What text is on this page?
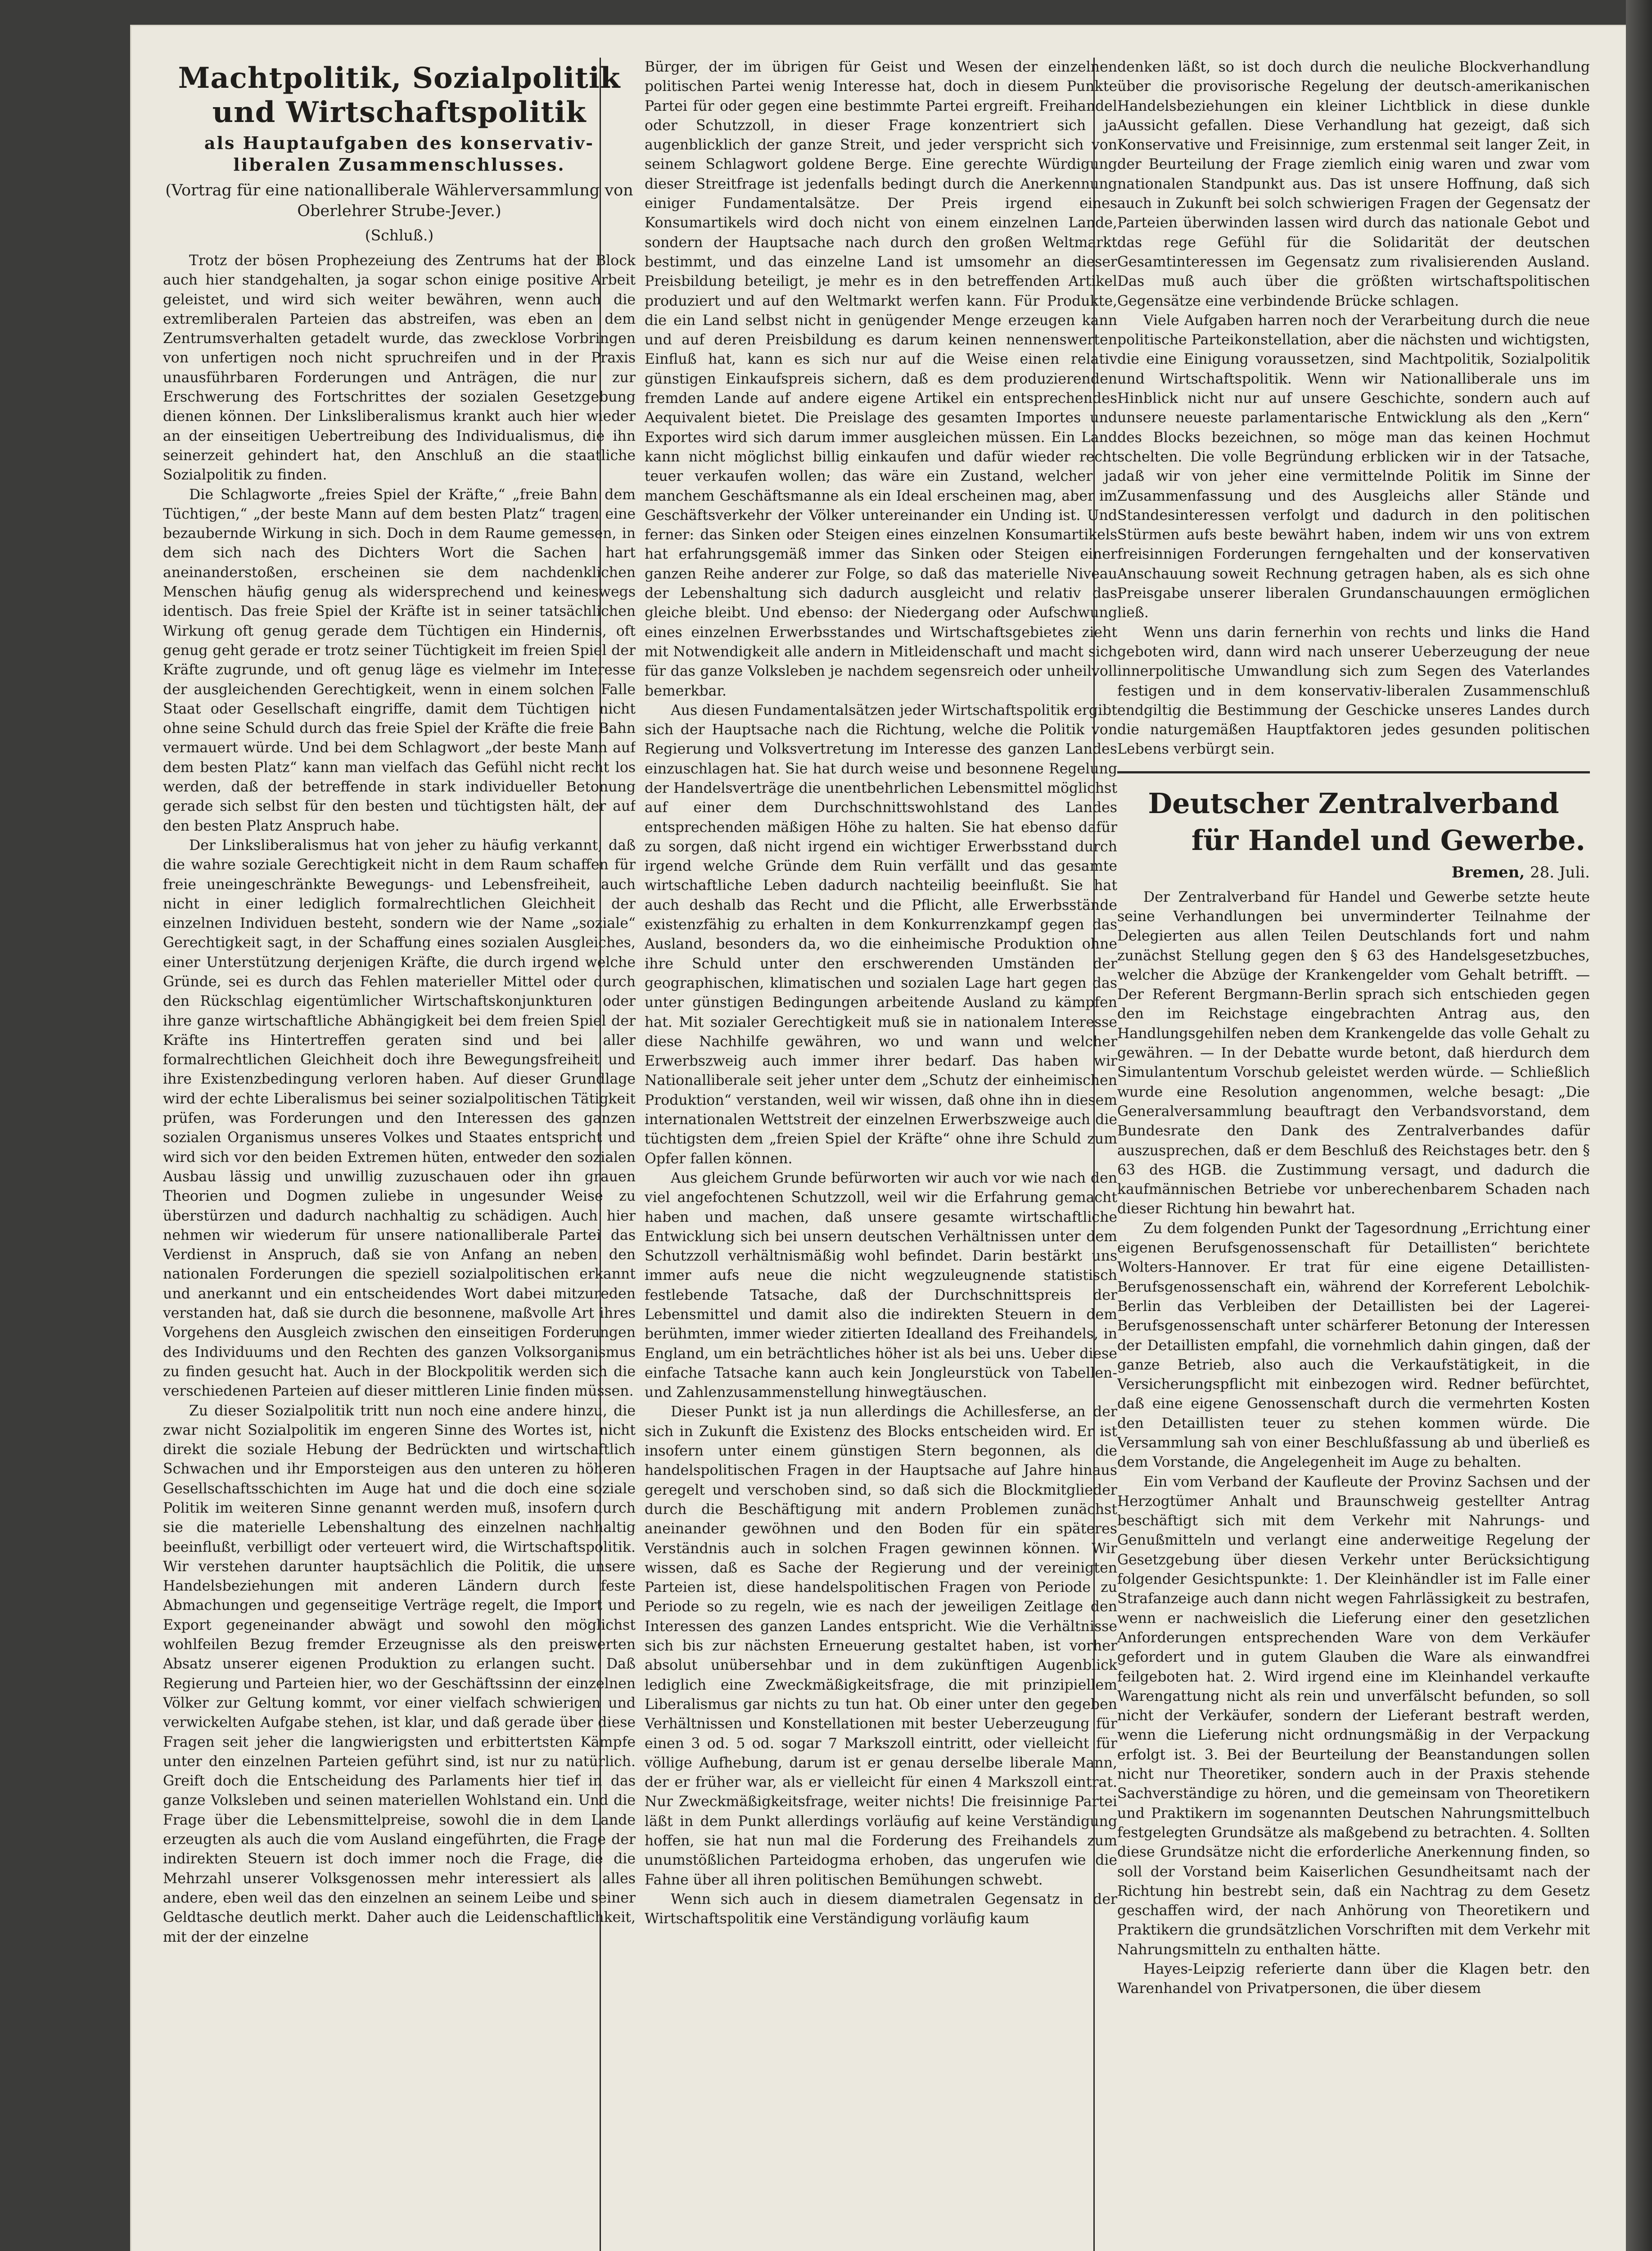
Machtpolitik, Sozialpolitik und Wirtschaftspolitik
als Hauptaufgaben des konservativ-liberalen Zusammenschlusses.
(Vortrag für eine nationalliberale Wählerversammlung von Oberlehrer Strube-Jever.)
(Schluß.)

Trotz der bösen Prophezeiung des Zentrums hat der Block auch hier standgehalten, ja sogar schon einige positive Arbeit geleistet, und wird sich weiter bewähren, wenn auch die extremliberalen Parteien das abstreifen, was eben an dem Zentrumsverhalten getadelt wurde, das zwecklose Vorbringen von unfertigen noch nicht spruchreifen und in der Praxis unausführbaren Forderungen und Anträgen, die nur zur Erschwerung des Fortschrittes der sozialen Gesetzgebung dienen können. Der Linksliberalismus krankt auch hier wieder an der einseitigen Uebertreibung des Individualismus, die ihn seinerzeit gehindert hat, den Anschluß an die staatliche Sozialpolitik zu finden.

Die Schlagworte „freies Spiel der Kräfte,“ „freie Bahn dem Tüchtigen,“ „der beste Mann auf dem besten Platz“ tragen eine bezaubernde Wirkung in sich. Doch in dem Raume gemessen, in dem sich nach des Dichters Wort die Sachen hart aneinanderstoßen, erscheinen sie dem nachdenklichen Menschen häufig genug als widersprechend und keineswegs identisch. Das freie Spiel der Kräfte ist in seiner tatsächlichen Wirkung oft genug gerade dem Tüchtigen ein Hindernis, oft genug geht gerade er trotz seiner Tüchtigkeit im freien Spiel der Kräfte zugrunde, und oft genug läge es vielmehr im Interesse der ausgleichenden Gerechtigkeit, wenn in einem solchen Falle Staat oder Gesellschaft eingriffe, damit dem Tüchtigen nicht ohne seine Schuld durch das freie Spiel der Kräfte die freie Bahn vermauert würde. Und bei dem Schlagwort „der beste Mann auf dem besten Platz“ kann man vielfach das Gefühl nicht recht los werden, daß der betreffende in stark individueller Betonung gerade sich selbst für den besten und tüchtigsten hält, der auf den besten Platz Anspruch habe.

Der Linksliberalismus hat von jeher zu häufig verkannt, daß die wahre soziale Gerechtigkeit nicht in dem Raum schaffen für freie uneingeschränkte Bewegungs- und Lebensfreiheit, auch nicht in einer lediglich formalrechtlichen Gleichheit der einzelnen Individuen besteht, sondern wie der Name „soziale“ Gerechtigkeit sagt, in der Schaffung eines sozialen Ausgleiches, einer Unterstützung derjenigen Kräfte, die durch irgend welche Gründe, sei es durch das Fehlen materieller Mittel oder durch den Rückschlag eigentümlicher Wirtschaftskonjunkturen oder ihre ganze wirtschaftliche Abhängigkeit bei dem freien Spiel der Kräfte ins Hintertreffen geraten sind und bei aller formalrechtlichen Gleichheit doch ihre Bewegungsfreiheit und ihre Existenzbedingung verloren haben. Auf dieser Grundlage wird der echte Liberalismus bei seiner sozialpolitischen Tätigkeit prüfen, was Forderungen und den Interessen des ganzen sozialen Organismus unseres Volkes und Staates entspricht und wird sich vor den beiden Extremen hüten, entweder den sozialen Ausbau lässig und unwillig zuzuschauen oder ihn grauen Theorien und Dogmen zuliebe in ungesunder Weise zu überstürzen und dadurch nachhaltig zu schädigen. Auch hier nehmen wir wiederum für unsere nationalliberale Partei das Verdienst in Anspruch, daß sie von Anfang an neben den nationalen Forderungen die speziell sozialpolitischen erkannt und anerkannt und ein entscheidendes Wort dabei mitzureden verstanden hat, daß sie durch die besonnene, maßvolle Art ihres Vorgehens den Ausgleich zwischen den einseitigen Forderungen des Individuums und den Rechten des ganzen Volksorganismus zu finden gesucht hat. Auch in der Blockpolitik werden sich die verschiedenen Parteien auf dieser mittleren Linie finden müssen.

Zu dieser Sozialpolitik tritt nun noch eine andere hinzu, die zwar nicht Sozialpolitik im engeren Sinne des Wortes ist, nicht direkt die soziale Hebung der Bedrückten und wirtschaftlich Schwachen und ihr Emporsteigen aus den unteren zu höheren Gesellschaftsschichten im Auge hat und die doch eine soziale Politik im weiteren Sinne genannt werden muß, insofern durch sie die materielle Lebenshaltung des einzelnen nachhaltig beeinflußt, verbilligt oder verteuert wird, die Wirtschaftspolitik. Wir verstehen darunter hauptsächlich die Politik, die unsere Handelsbeziehungen mit anderen Ländern durch feste Abmachungen und gegenseitige Verträge regelt, die Import und Export gegeneinander abwägt und sowohl den möglichst wohlfeilen Bezug fremder Erzeugnisse als den preiswerten Absatz unserer eigenen Produktion zu erlangen sucht. Daß Regierung und Parteien hier, wo der Geschäftssinn der einzelnen Völker zur Geltung kommt, vor einer vielfach schwierigen und verwickelten Aufgabe stehen, ist klar, und daß gerade über diese Fragen seit jeher die langwierigsten und erbittertsten Kämpfe unter den einzelnen Parteien geführt sind, ist nur zu natürlich. Greift doch die Entscheidung des Parlaments hier tief in das ganze Volksleben und seinen materiellen Wohlstand ein. Und die Frage über die Lebensmittelpreise, sowohl die in dem Lande erzeugten als auch die vom Ausland eingeführten, die Frage der indirekten Steuern ist doch immer noch die Frage, die die Mehrzahl unserer Volksgenossen mehr interessiert als alles andere, eben weil das den einzelnen an seinem Leibe und seiner Geldtasche deutlich merkt. Daher auch die Leidenschaftlichkeit, mit der der einzelne

Bürger, der im übrigen für Geist und Wesen der einzelnen politischen Partei wenig Interesse hat, doch in diesem Punkte Partei für oder gegen eine bestimmte Partei ergreift. Freihandel oder Schutzzoll, in dieser Frage konzentriert sich ja augenblicklich der ganze Streit, und jeder verspricht sich von seinem Schlagwort goldene Berge. Eine gerechte Würdigung dieser Streitfrage ist jedenfalls bedingt durch die Anerkennung einiger Fundamentalsätze. Der Preis irgend eines Konsumartikels wird doch nicht von einem einzelnen Lande, sondern der Hauptsache nach durch den großen Weltmarkt bestimmt, und das einzelne Land ist umsomehr an dieser Preisbildung beteiligt, je mehr es in den betreffenden Artikel produziert und auf den Weltmarkt werfen kann. Für Produkte, die ein Land selbst nicht in genügender Menge erzeugen kann und auf deren Preisbildung es darum keinen nennenswerten Einfluß hat, kann es sich nur auf die Weise einen relativ günstigen Einkaufspreis sichern, daß es dem produzierenden fremden Lande auf andere eigene Artikel ein entsprechendes Aequivalent bietet. Die Preislage des gesamten Importes und Exportes wird sich darum immer ausgleichen müssen. Ein Land kann nicht möglichst billig einkaufen und dafür wieder recht teuer verkaufen wollen; das wäre ein Zustand, welcher ja manchem Geschäftsmanne als ein Ideal erscheinen mag, aber im Geschäftsverkehr der Völker untereinander ein Unding ist. Und ferner: das Sinken oder Steigen eines einzelnen Konsumartikels hat erfahrungsgemäß immer das Sinken oder Steigen einer ganzen Reihe anderer zur Folge, so daß das materielle Niveau der Lebenshaltung sich dadurch ausgleicht und relativ das gleiche bleibt. Und ebenso: der Niedergang oder Aufschwung eines einzelnen Erwerbsstandes und Wirtschaftsgebietes zieht mit Notwendigkeit alle andern in Mitleidenschaft und macht sich für das ganze Volksleben je nachdem segensreich oder unheilvoll bemerkbar.

Aus diesen Fundamentalsätzen jeder Wirtschaftspolitik ergibt sich der Hauptsache nach die Richtung, welche die Politik von Regierung und Volksvertretung im Interesse des ganzen Landes einzuschlagen hat. Sie hat durch weise und besonnene Regelung der Handelsverträge die unentbehrlichen Lebensmittel möglichst auf einer dem Durchschnittswohlstand des Landes entsprechenden mäßigen Höhe zu halten. Sie hat ebenso dafür zu sorgen, daß nicht irgend ein wichtiger Erwerbsstand durch irgend welche Gründe dem Ruin verfällt und das gesamte wirtschaftliche Leben dadurch nachteilig beeinflußt. Sie hat auch deshalb das Recht und die Pflicht, alle Erwerbsstände existenzfähig zu erhalten in dem Konkurrenzkampf gegen das Ausland, besonders da, wo die einheimische Produktion ohne ihre Schuld unter den erschwerenden Umständen der geographischen, klimatischen und sozialen Lage hart gegen das unter günstigen Bedingungen arbeitende Ausland zu kämpfen hat. Mit sozialer Gerechtigkeit muß sie in nationalem Interesse diese Nachhilfe gewähren, wo und wann und welcher Erwerbszweig auch immer ihrer bedarf. Das haben wir Nationalliberale seit jeher unter dem „Schutz der einheimischen Produktion“ verstanden, weil wir wissen, daß ohne ihn in diesem internationalen Wettstreit der einzelnen Erwerbszweige auch die tüchtigsten dem „freien Spiel der Kräfte“ ohne ihre Schuld zum Opfer fallen können.

Aus gleichem Grunde befürworten wir auch vor wie nach den viel angefochtenen Schutzzoll, weil wir die Erfahrung gemacht haben und machen, daß unsere gesamte wirtschaftliche Entwicklung sich bei unsern deutschen Verhältnissen unter dem Schutzzoll verhältnismäßig wohl befindet. Darin bestärkt uns immer aufs neue die nicht wegzuleugnende statistisch festlebende Tatsache, daß der Durchschnittspreis der Lebensmittel und damit also die indirekten Steuern in dem berühmten, immer wieder zitierten Idealland des Freihandels, in England, um ein beträchtliches höher ist als bei uns. Ueber diese einfache Tatsache kann auch kein Jongleurstück von Tabellen- und Zahlenzusammenstellung hinwegtäuschen.

Dieser Punkt ist ja nun allerdings die Achillesferse, an der sich in Zukunft die Existenz des Blocks entscheiden wird. Er ist insofern unter einem günstigen Stern begonnen, als die handelspolitischen Fragen in der Hauptsache auf Jahre hinaus geregelt und verschoben sind, so daß sich die Blockmitglieder durch die Beschäftigung mit andern Problemen zunächst aneinander gewöhnen und den Boden für ein späteres Verständnis auch in solchen Fragen gewinnen können. Wir wissen, daß es Sache der Regierung und der vereinigten Parteien ist, diese handelspolitischen Fragen von Periode zu Periode so zu regeln, wie es nach der jeweiligen Zeitlage den Interessen des ganzen Landes entspricht. Wie die Verhältnisse sich bis zur nächsten Erneuerung gestaltet haben, ist vorher absolut unübersehbar und in dem zukünftigen Augenblick lediglich eine Zweckmäßigkeitsfrage, die mit prinzipiellem Liberalismus gar nichts zu tun hat. Ob einer unter den gegeben Verhältnissen und Konstellationen mit bester Ueberzeugung für einen 3 od. 5 od. sogar 7 Markszoll eintritt, oder vielleicht für völlige Aufhebung, darum ist er genau derselbe liberale Mann, der er früher war, als er vielleicht für einen 4 Markszoll eintrat. Nur Zweckmäßigkeitsfrage, weiter nichts! Die freisinnige Partei läßt in dem Punkt allerdings vorläufig auf keine Verständigung hoffen, sie hat nun mal die Forderung des Freihandels zum unumstößlichen Parteidogma erhoben, das ungerufen wie die Fahne über all ihren politischen Bemühungen schwebt.

Wenn sich auch in diesem diametralen Gegensatz in der Wirtschaftspolitik eine Verständigung vorläufig kaum

denken läßt, so ist doch durch die neuliche Blockverhandlung über die provisorische Regelung der deutsch-amerikanischen Handelsbeziehungen ein kleiner Lichtblick in diese dunkle Aussicht gefallen. Diese Verhandlung hat gezeigt, daß sich Konservative und Freisinnige, zum erstenmal seit langer Zeit, in der Beurteilung der Frage ziemlich einig waren und zwar vom nationalen Standpunkt aus. Das ist unsere Hoffnung, daß sich auch in Zukunft bei solch schwierigen Fragen der Gegensatz der Parteien überwinden lassen wird durch das nationale Gebot und das rege Gefühl für die Solidarität der deutschen Gesamtinteressen im Gegensatz zum rivalisierenden Ausland. Das muß auch über die größten wirtschaftspolitischen Gegensätze eine verbindende Brücke schlagen.

Viele Aufgaben harren noch der Verarbeitung durch die neue politische Parteikonstellation, aber die nächsten und wichtigsten, die eine Einigung voraussetzen, sind Machtpolitik, Sozialpolitik und Wirtschaftspolitik. Wenn wir Nationalliberale uns im Hinblick nicht nur auf unsere Geschichte, sondern auch auf unsere neueste parlamentarische Entwicklung als den „Kern“ des Blocks bezeichnen, so möge man das keinen Hochmut schelten. Die volle Begründung erblicken wir in der Tatsache, daß wir von jeher eine vermittelnde Politik im Sinne der Zusammenfassung und des Ausgleichs aller Stände und Standesinteressen verfolgt und dadurch in den politischen Stürmen aufs beste bewährt haben, indem wir uns von extrem freisinnigen Forderungen ferngehalten und der konservativen Anschauung soweit Rechnung getragen haben, als es sich ohne Preisgabe unserer liberalen Grundanschauungen ermöglichen ließ.

Wenn uns darin fernerhin von rechts und links die Hand geboten wird, dann wird nach unserer Ueberzeugung der neue innerpolitische Umwandlung sich zum Segen des Vaterlandes festigen und in dem konservativ-liberalen Zusammenschluß endgiltig die Bestimmung der Geschicke unseres Landes durch die naturgemäßen Hauptfaktoren jedes gesunden politischen Lebens verbürgt sein.

Deutscher Zentralverband
für Handel und Gewerbe.
Bremen, 28. Juli.

Der Zentralverband für Handel und Gewerbe setzte heute seine Verhandlungen bei unverminderter Teilnahme der Delegierten aus allen Teilen Deutschlands fort und nahm zunächst Stellung gegen den § 63 des Handelsgesetzbuches, welcher die Abzüge der Krankengelder vom Gehalt betrifft. — Der Referent Bergmann-Berlin sprach sich entschieden gegen den im Reichstage eingebrachten Antrag aus, den Handlungsgehilfen neben dem Krankengelde das volle Gehalt zu gewähren. — In der Debatte wurde betont, daß hierdurch dem Simulantentum Vorschub geleistet werden würde. — Schließlich wurde eine Resolution angenommen, welche besagt: „Die Generalversammlung beauftragt den Verbandsvorstand, dem Bundesrate den Dank des Zentralverbandes dafür auszusprechen, daß er dem Beschluß des Reichstages betr. den § 63 des HGB. die Zustimmung versagt, und dadurch die kaufmännischen Betriebe vor unberechenbarem Schaden nach dieser Richtung hin bewahrt hat.

Zu dem folgenden Punkt der Tagesordnung „Errichtung einer eigenen Berufsgenossenschaft für Detaillisten“ berichtete Wolters-Hannover. Er trat für eine eigene Detaillisten-Berufsgenossenschaft ein, während der Korreferent Lebolchik-Berlin das Verbleiben der Detaillisten bei der Lagerei-Berufsgenossenschaft unter schärferer Betonung der Interessen der Detaillisten empfahl, die vornehmlich dahin gingen, daß der ganze Betrieb, also auch die Verkaufstätigkeit, in die Versicherungspflicht mit einbezogen wird. Redner befürchtet, daß eine eigene Genossenschaft durch die vermehrten Kosten den Detaillisten teuer zu stehen kommen würde. Die Versammlung sah von einer Beschlußfassung ab und überließ es dem Vorstande, die Angelegenheit im Auge zu behalten.

Ein vom Verband der Kaufleute der Provinz Sachsen und der Herzogtümer Anhalt und Braunschweig gestellter Antrag beschäftigt sich mit dem Verkehr mit Nahrungs- und Genußmitteln und verlangt eine anderweitige Regelung der Gesetzgebung über diesen Verkehr unter Berücksichtigung folgender Gesichtspunkte: 1. Der Kleinhändler ist im Falle einer Strafanzeige auch dann nicht wegen Fahrlässigkeit zu bestrafen, wenn er nachweislich die Lieferung einer den gesetzlichen Anforderungen entsprechenden Ware von dem Verkäufer gefordert und in gutem Glauben die Ware als einwandfrei feilgeboten hat. 2. Wird irgend eine im Kleinhandel verkaufte Warengattung nicht als rein und unverfälscht befunden, so soll nicht der Verkäufer, sondern der Lieferant bestraft werden, wenn die Lieferung nicht ordnungsmäßig in der Verpackung erfolgt ist. 3. Bei der Beurteilung der Beanstandungen sollen nicht nur Theoretiker, sondern auch in der Praxis stehende Sachverständige zu hören, und die gemeinsam von Theoretikern und Praktikern im sogenannten Deutschen Nahrungsmittelbuch festgelegten Grundsätze als maßgebend zu betrachten. 4. Sollten diese Grundsätze nicht die erforderliche Anerkennung finden, so soll der Vorstand beim Kaiserlichen Gesundheitsamt nach der Richtung hin bestrebt sein, daß ein Nachtrag zu dem Gesetz geschaffen wird, der nach Anhörung von Theoretikern und Praktikern die grundsätzlichen Vorschriften mit dem Verkehr mit Nahrungsmitteln zu enthalten hätte.

Hayes-Leipzig referierte dann über die Klagen betr. den Warenhandel von Privatpersonen, die über diesem
